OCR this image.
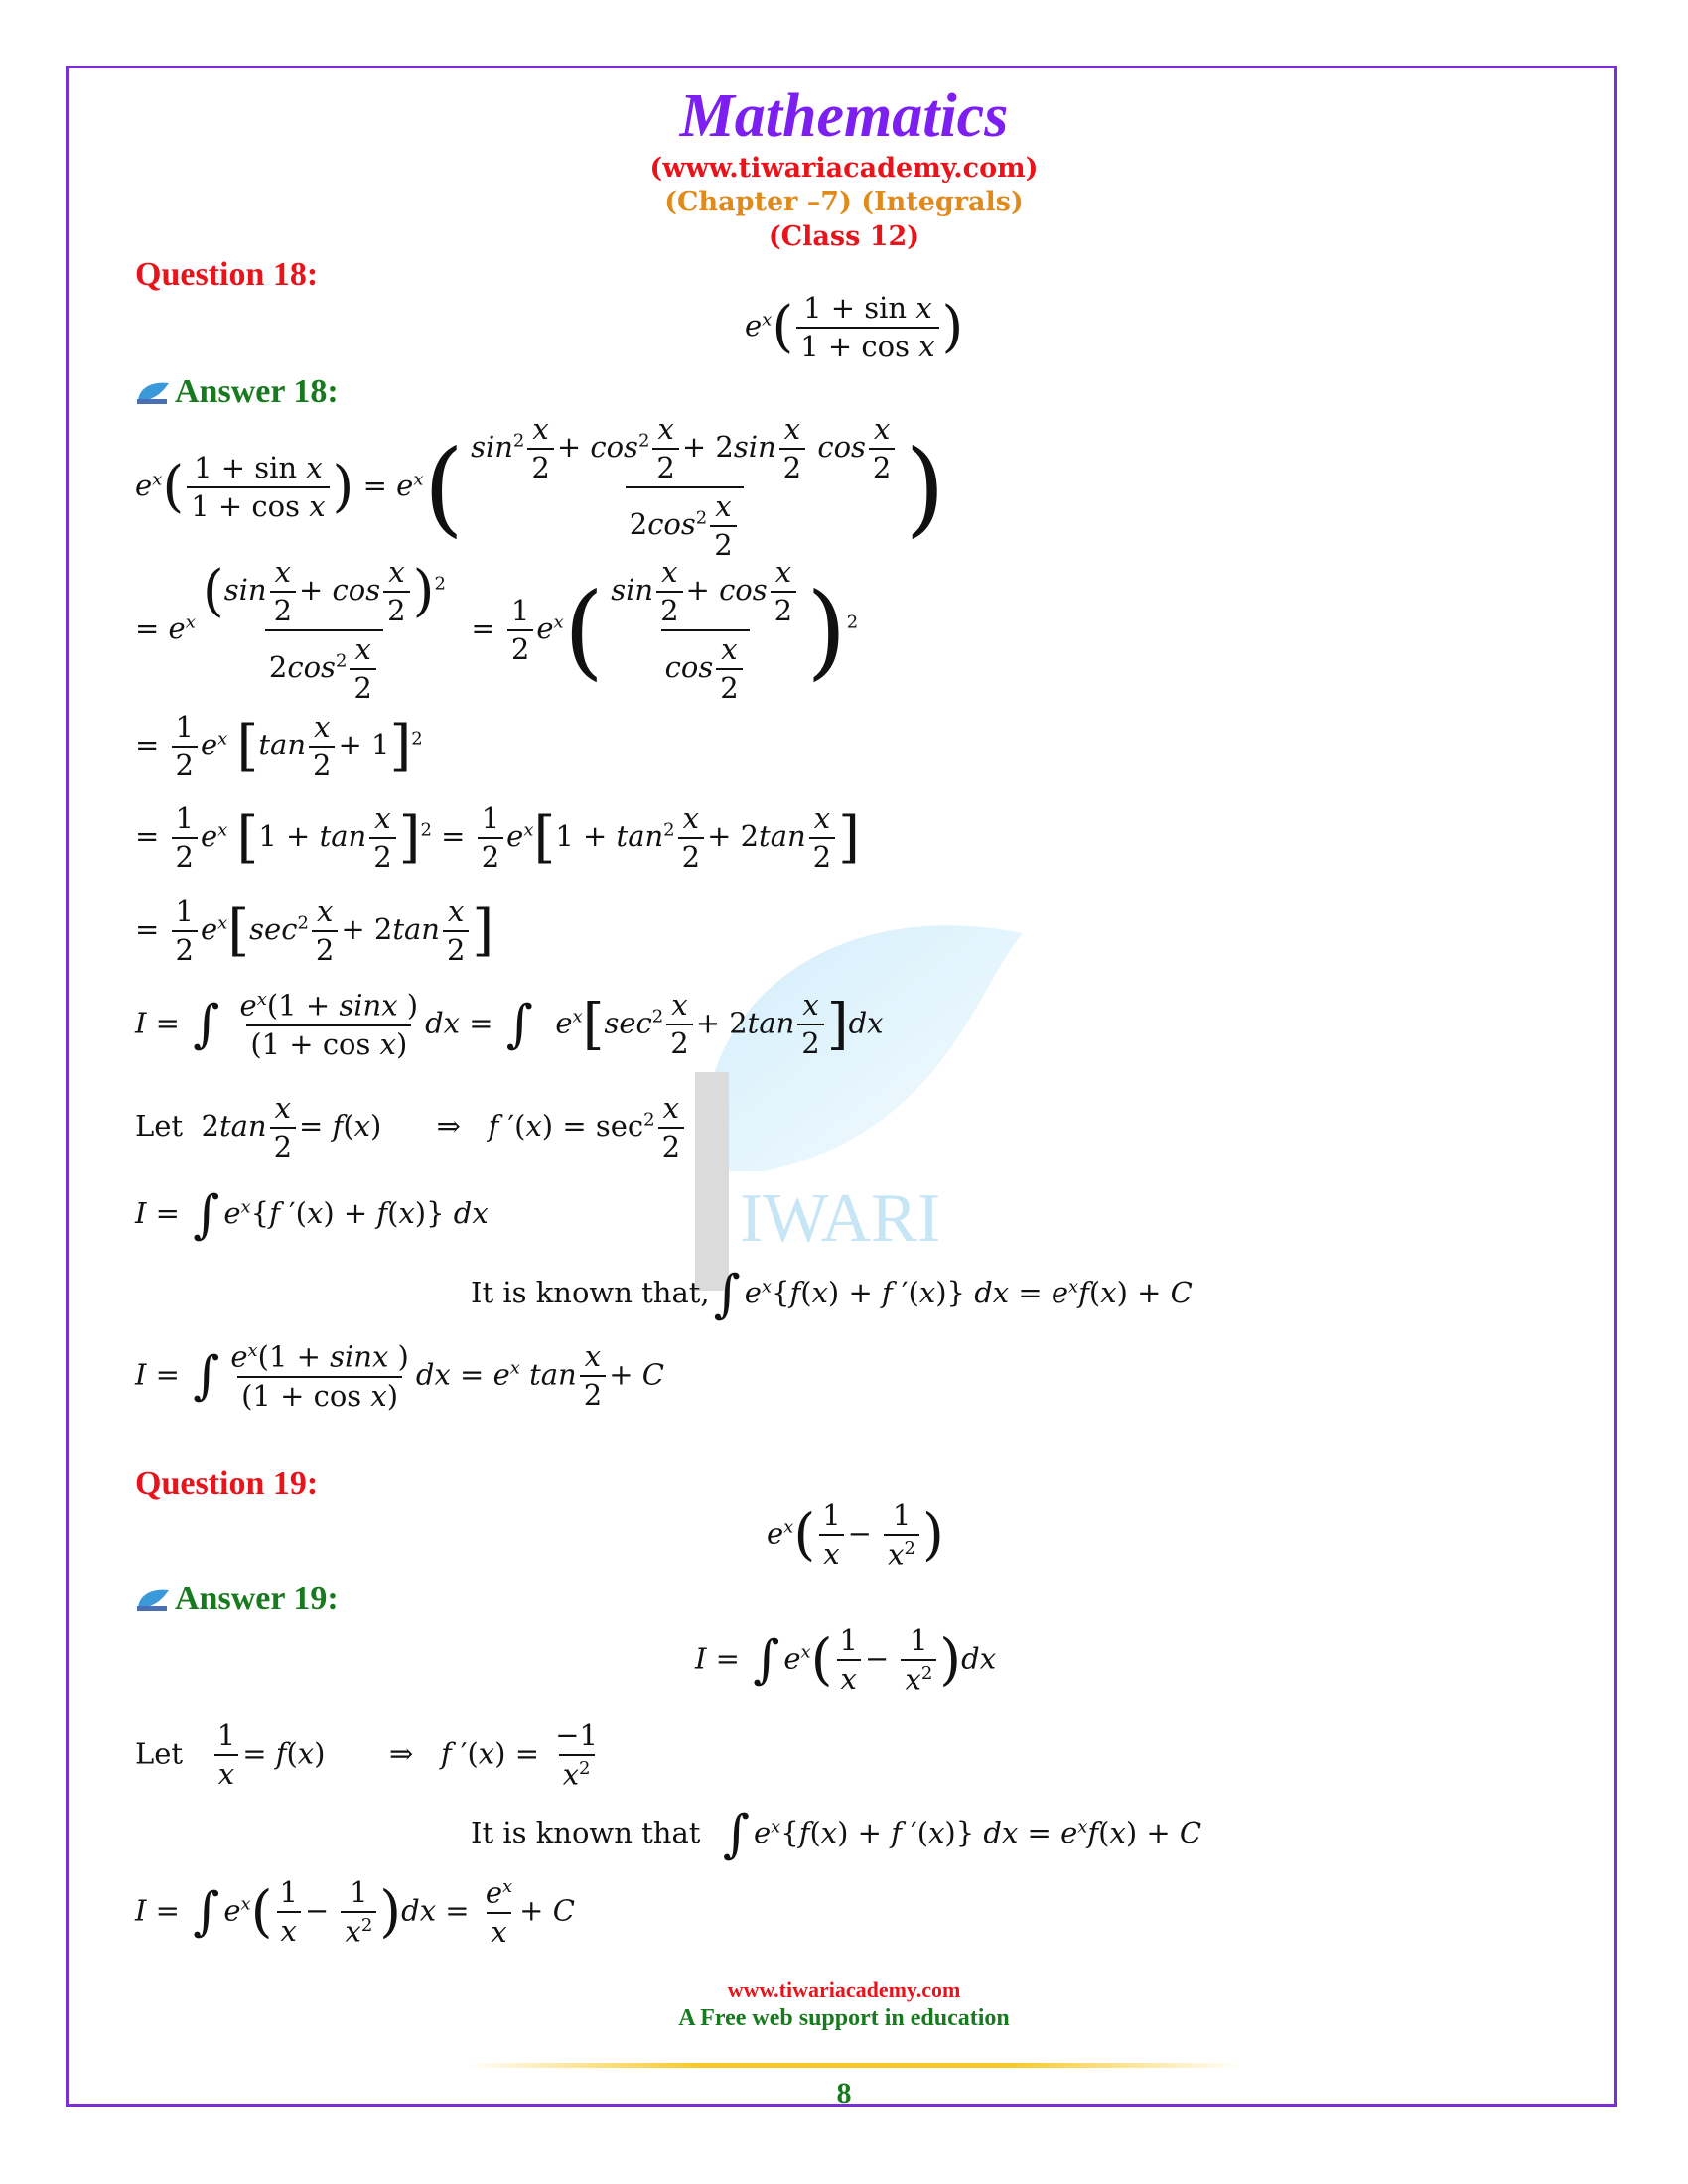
IWARI
Mathematics
(www.tiwariacademy.com)
(Chapter –7) (Integrals)
(Class 12)
Question 18:
$e^x( \frac{\text{1 + sin x}}{\text{1 + cos x}}$ )
Answer 18:
$e^x( \frac{\text{1 + sin x}}{\text{1 + cos x}}$ ) = $e^x( \frac{\sin^2 \frac{x}{2} + \cos^2 \frac{x}{2} + 2\sin \frac{x}{2} \cos \frac{x}{2}}{2\cos^2 \frac{x}{2}}$ )
= $e^x \frac{(\sin \frac{x}{2} + \cos \frac{x}{2} )^2}{2\cos^2 \frac{x}{2}} = \frac{1}{2} e^x( \frac{\sin \frac{x}{2} + \cos \frac{x}{2}}{\cos \frac{x}{2}} )^2$
= $\frac{1}{2} e^x$ $[\tan \frac{x}{2} + 1]^2$
= $\frac{1}{2} e^x$ $[1 + \tan \frac{x}{2} ]^2 = \frac{1}{2} e^x[1 + \tan^2 \frac{x}{2} + 2\tan \frac{x}{2}$ ]
= $\frac{1}{2} e^x[\sec^2 \frac{x}{2} + 2\tan \frac{x}{2}$ ]
I = ∫ $\frac{e^x(1 + \sin x )}{\text{(1 + cos x)}}$ dx = ∫ $e^x[\sec^2 \frac{x}{2} + 2\tan \frac{x}{2} ]dx$
Let  $2\tan \frac{x}{2} = f(x)$      ⇒   f $'(x) = \sec^2 \frac{x}{2}$
I = ∫ $e^x\{f$ ′(x) + f(x)} dx
It is known that,∫ $e^x\{f(x) + f$ ′(x)} dx = $e^xf(x) + C$
I = ∫ $\frac{e^x(1 + \sin x )}{\text{(1 + cos x)}}$ dx = $e^x$ $\tan \frac{x}{2} + C$
Question 19:
$e^x( \frac{1}{x} - \frac{1}{x^2}$ )
Answer 19:
I = ∫ $e^x( \frac{1}{x} - \frac{1}{x^2} )dx$
Let $\frac{1}{x} = f(x)$       ⇒   f $'(x) = \frac{-1}{x^2}$
It is known that ∫ $e^x\{f(x) + f$ ′(x)} dx = $e^xf(x) + C$
I = ∫ $e^x( \frac{1}{x} - \frac{1}{x^2} )dx = \frac{e^x}{x} + C$
www.tiwariacademy.com
A Free web support in education
8
